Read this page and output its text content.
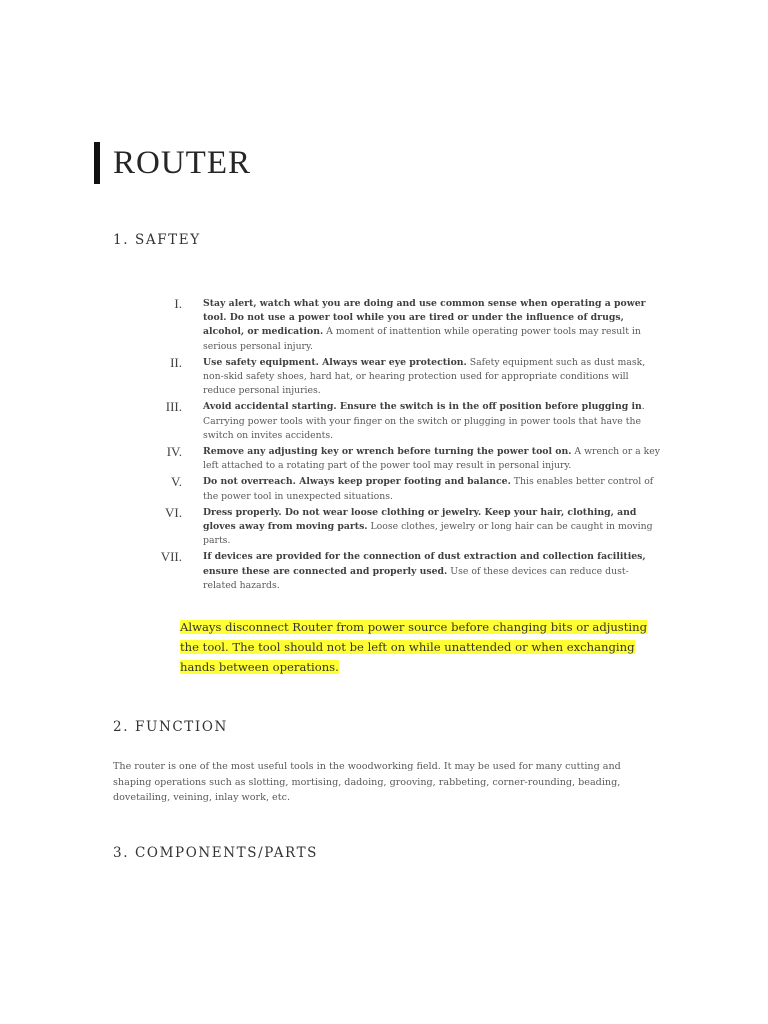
ROUTER
1. SAFTEY
I.	Stay alert, watch what you are doing and use common sense when operating a power tool. Do not use a power tool while you are tired or under the influence of drugs, alcohol, or medication. A moment of inattention while operating power tools may result in serious personal injury.
II.	Use safety equipment. Always wear eye protection. Safety equipment such as dust mask, non-skid safety shoes, hard hat, or hearing protection used for appropriate conditions will reduce personal injuries.
III.	Avoid accidental starting. Ensure the switch is in the off position before plugging in. Carrying power tools with your finger on the switch or plugging in power tools that have the switch on invites accidents.
IV.	Remove any adjusting key or wrench before turning the power tool on. A wrench or a key left attached to a rotating part of the power tool may result in personal injury.
V.	Do not overreach. Always keep proper footing and balance. This enables better control of the power tool in unexpected situations.
VI.	Dress properly. Do not wear loose clothing or jewelry. Keep your hair, clothing, and gloves away from moving parts. Loose clothes, jewelry or long hair can be caught in moving parts.
VII.	If devices are provided for the connection of dust extraction and collection facilities, ensure these are connected and properly used. Use of these devices can reduce dust-related hazards.

Always disconnect Router from power source before changing bits or adjusting the tool. The tool should not be left on while unattended or when exchanging hands between operations.

2. FUNCTION

The router is one of the most useful tools in the woodworking field. It may be used for many cutting and shaping operations such as slotting, mortising, dadoing, grooving, rabbeting, corner-rounding, beading, dovetailing, veining, inlay work, etc.

3. COMPONENTS/PARTS
